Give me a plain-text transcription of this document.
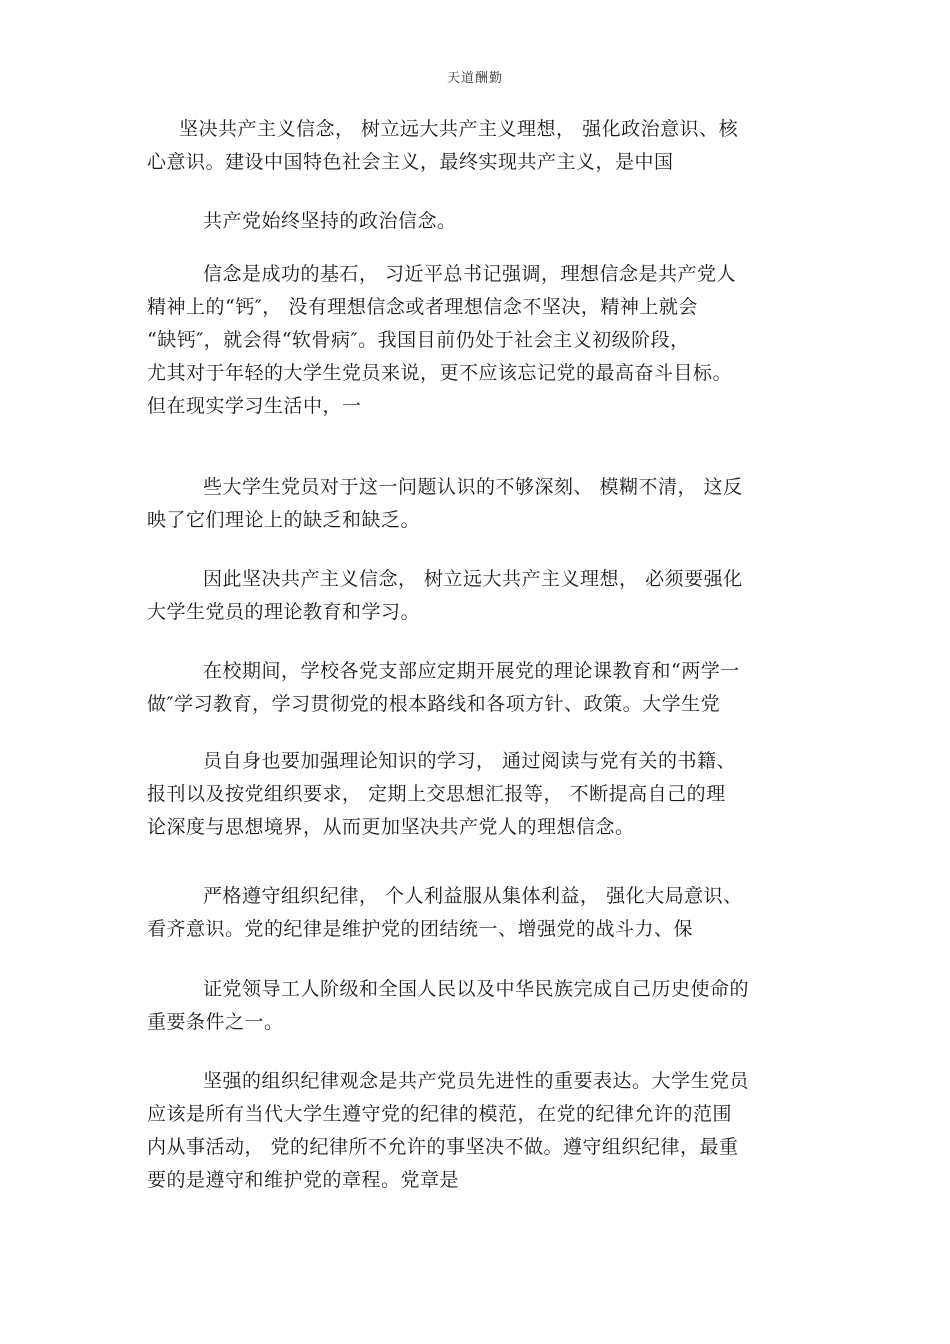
天道酬勤

坚决共产主义信念， 树立远大共产主义理想， 强化政治意识、核
心意识。建设中国特色社会主义，最终实现共产主义，是中国

共产党始终坚持的政治信念。

信念是成功的基石， 习近平总书记强调，理想信念是共产党人
精神上的“钙″， 没有理想信念或者理想信念不坚决，精神上就会
“缺钙″，就会得“软骨病″。我国目前仍处于社会主义初级阶段，
尤其对于年轻的大学生党员来说，更不应该忘记党的最高奋斗目标。
但在现实学习生活中，一

些大学生党员对于这一问题认识的不够深刻、 模糊不清， 这反
映了它们理论上的缺乏和缺乏。

因此坚决共产主义信念， 树立远大共产主义理想， 必须要强化
大学生党员的理论教育和学习。

在校期间，学校各党支部应定期开展党的理论课教育和“两学一
做″学习教育，学习贯彻党的根本路线和各项方针、政策。大学生党

员自身也要加强理论知识的学习， 通过阅读与党有关的书籍、
报刊以及按党组织要求， 定期上交思想汇报等， 不断提高自己的理
论深度与思想境界，从而更加坚决共产党人的理想信念。

严格遵守组织纪律， 个人利益服从集体利益， 强化大局意识、
看齐意识。党的纪律是维护党的团结统一、增强党的战斗力、保

证党领导工人阶级和全国人民以及中华民族完成自己历史使命的
重要条件之一。

坚强的组织纪律观念是共产党员先进性的重要表达。大学生党员
应该是所有当代大学生遵守党的纪律的模范，在党的纪律允许的范围
内从事活动， 党的纪律所不允许的事坚决不做。遵守组织纪律，最重
要的是遵守和维护党的章程。党章是
